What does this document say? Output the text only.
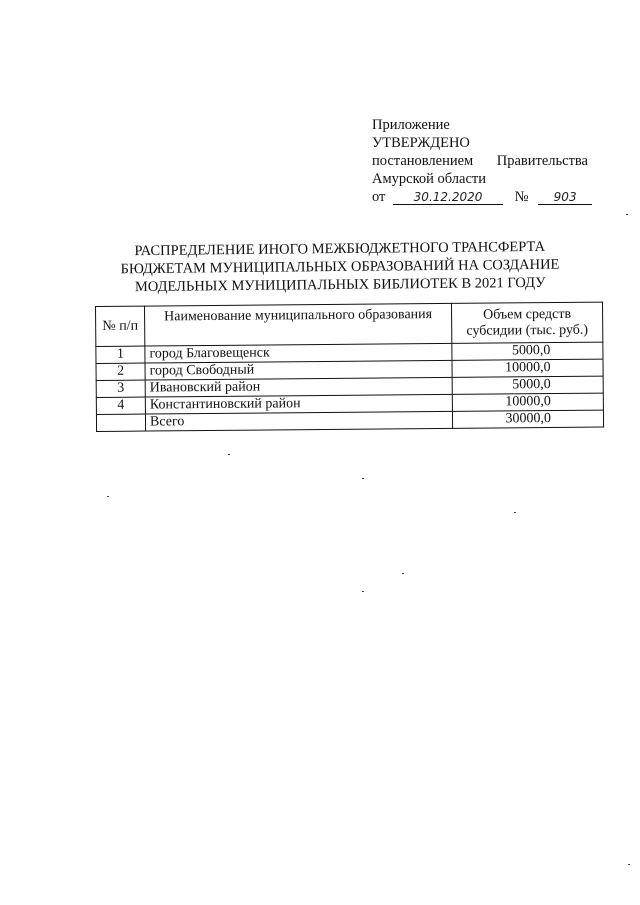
Приложение
УТВЕРЖДЕНО
постановлением Правительства
Амурской области
от 30.12.2020 № 903
РАСПРЕДЕЛЕНИЕ ИНОГО МЕЖБЮДЖЕТНОГО ТРАНСФЕРТА
БЮДЖЕТАМ МУНИЦИПАЛЬНЫХ ОБРАЗОВАНИЙ НА СОЗДАНИЕ
МОДЕЛЬНЫХ МУНИЦИПАЛЬНЫХ БИБЛИОТЕК В 2021 ГОДУ
№ п/п	Наименование муниципального образования	Объем средств субсидии (тыс. руб.)
1	город Благовещенск	5000,0
2	город Свободный	10000,0
3	Ивановский район	5000,0
4	Константиновский район	10000,0
	Всего	30000,0
